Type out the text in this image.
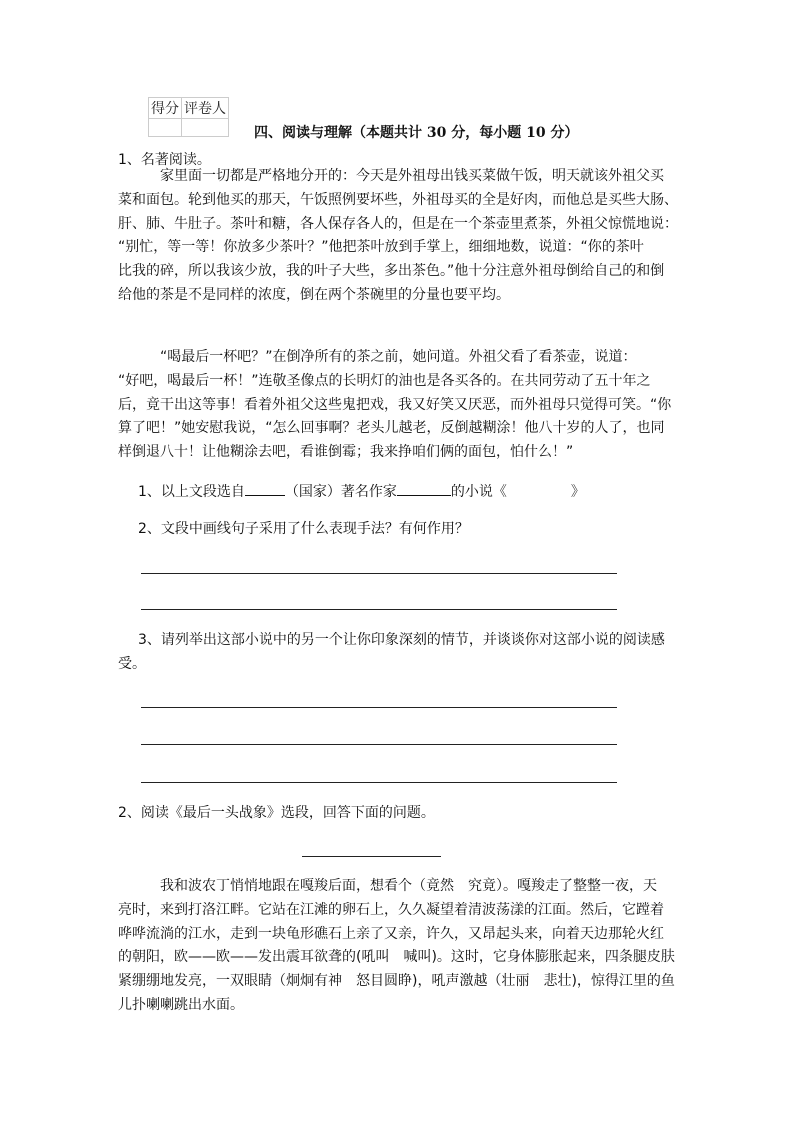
得分	评卷人

四、阅读与理解（本题共计 30 分，每小题 10 分）
1、名著阅读。
　　　家里面一切都是严格地分开的：今天是外祖母出钱买菜做午饭，明天就该外祖父买
菜和面包。轮到他买的那天，午饭照例要坏些，外祖母买的全是好肉，而他总是买些大肠、
肝、肺、牛肚子。茶叶和糖，各人保存各人的，但是在一个茶壶里煮茶，外祖父惊慌地说：
“别忙，等一等！你放多少茶叶？”他把茶叶放到手掌上，细细地数，说道：“你的茶叶
比我的碎，所以我该少放，我的叶子大些，多出茶色。”他十分注意外祖母倒给自己的和倒
给他的茶是不是同样的浓度，倒在两个茶碗里的分量也要平均。
　　　“喝最后一杯吧？”在倒净所有的茶之前，她问道。外祖父看了看茶壶，说道：
“好吧，喝最后一杯！”连敬圣像点的长明灯的油也是各买各的。在共同劳动了五十年之
后，竟干出这等事！看着外祖父这些鬼把戏，我又好笑又厌恶，而外祖母只觉得可笑。“你
算了吧！”她安慰我说，“怎么回事啊？老头儿越老，反倒越糊涂！他八十岁的人了，也同
样倒退八十！让他糊涂去吧，看谁倒霉；我来挣咱们俩的面包，怕什么！”
1、以上文段选自	（国家）著名作家	的小说《	》
2、文段中画线句子采用了什么表现手法？有何作用？
3、请列举出这部小说中的另一个让你印象深刻的情节，并谈谈你对这部小说的阅读感
受。
2、阅读《最后一头战象》选段，回答下面的问题。
　　　我和波农丁悄悄地跟在嘎羧后面，想看个（竟然　究竟）。嘎羧走了整整一夜，天
亮时，来到打洛江畔。它站在江滩的卵石上，久久凝望着清波荡漾的江面。然后，它蹚着
哗哗流淌的江水，走到一块龟形礁石上亲了又亲，许久，又昂起头来，向着天边那轮火红
的朝阳，欧——欧——发出震耳欲聋的(吼叫　喊叫)。这时，它身体膨胀起来，四条腿皮肤
紧绷绷地发亮，一双眼睛（炯炯有神　怒目圆睁)，吼声激越（壮丽　悲壮)，惊得江里的鱼
儿扑喇喇跳出水面。
